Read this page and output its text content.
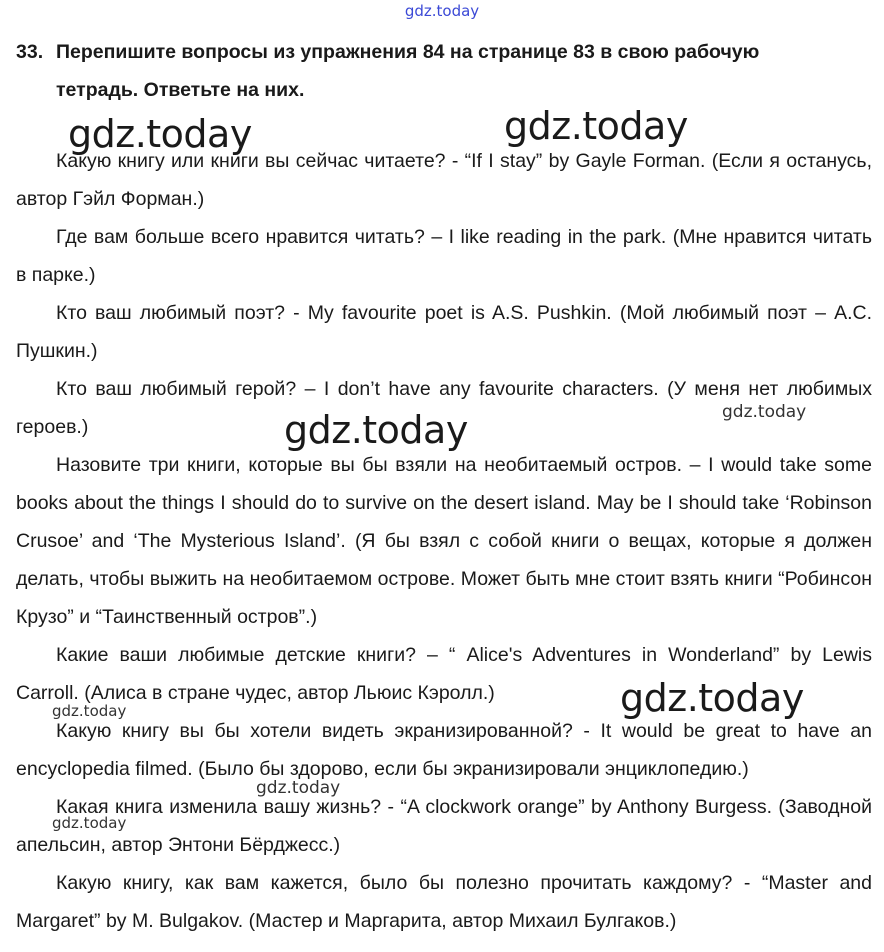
gdz.today
33. Перепишите вопросы из упражнения 84 на странице 83 в свою рабочую
тетрадь. Ответьте на них.

Какую книгу или книги вы сейчас читаете? - “If I stay” by Gayle Forman. (Если я останусь, автор Гэйл Форман.)

Где вам больше всего нравится читать? – I like reading in the park. (Мне нравится читать в парке.)

Кто ваш любимый поэт? - My favourite poet is A.S. Pushkin. (Мой любимый поэт – А.С. Пушкин.)

Кто ваш любимый герой? – I don’t have any favourite characters. (У меня нет любимых героев.)

Назовите три книги, которые вы бы взяли на необитаемый остров. – I would take some books about the things I should do to survive on the desert island. May be I should take ‘Robinson Crusoe’ and ‘The Mysterious Island’. (Я бы взял с собой книги о вещах, которые я должен делать, чтобы выжить на необитаемом острове. Может быть мне стоит взять книги “Робинсон Крузо” и “Таинственный остров”.)

Какие ваши любимые детские книги? – “ Alice's Adventures in Wonderland” by Lewis Carroll. (Алиса в стране чудес, автор Льюис Кэролл.)

Какую книгу вы бы хотели видеть экранизированной? - It would be great to have an encyclopedia filmed. (Было бы здорово, если бы экранизировали энциклопедию.)

Какая книга изменила вашу жизнь? - “A clockwork orange” by Anthony Burgess. (Заводной апельсин, автор Энтони Бёрджесс.)

Какую книгу, как вам кажется, было бы полезно прочитать каждому? - “Master and Margaret” by M. Bulgakov. (Мастер и Маргарита, автор Михаил Булгаков.)

gdz.today	gdz.today
gdz.today
gdz.today
gdz.today
gdz.today
gdz.today
gdz.today
